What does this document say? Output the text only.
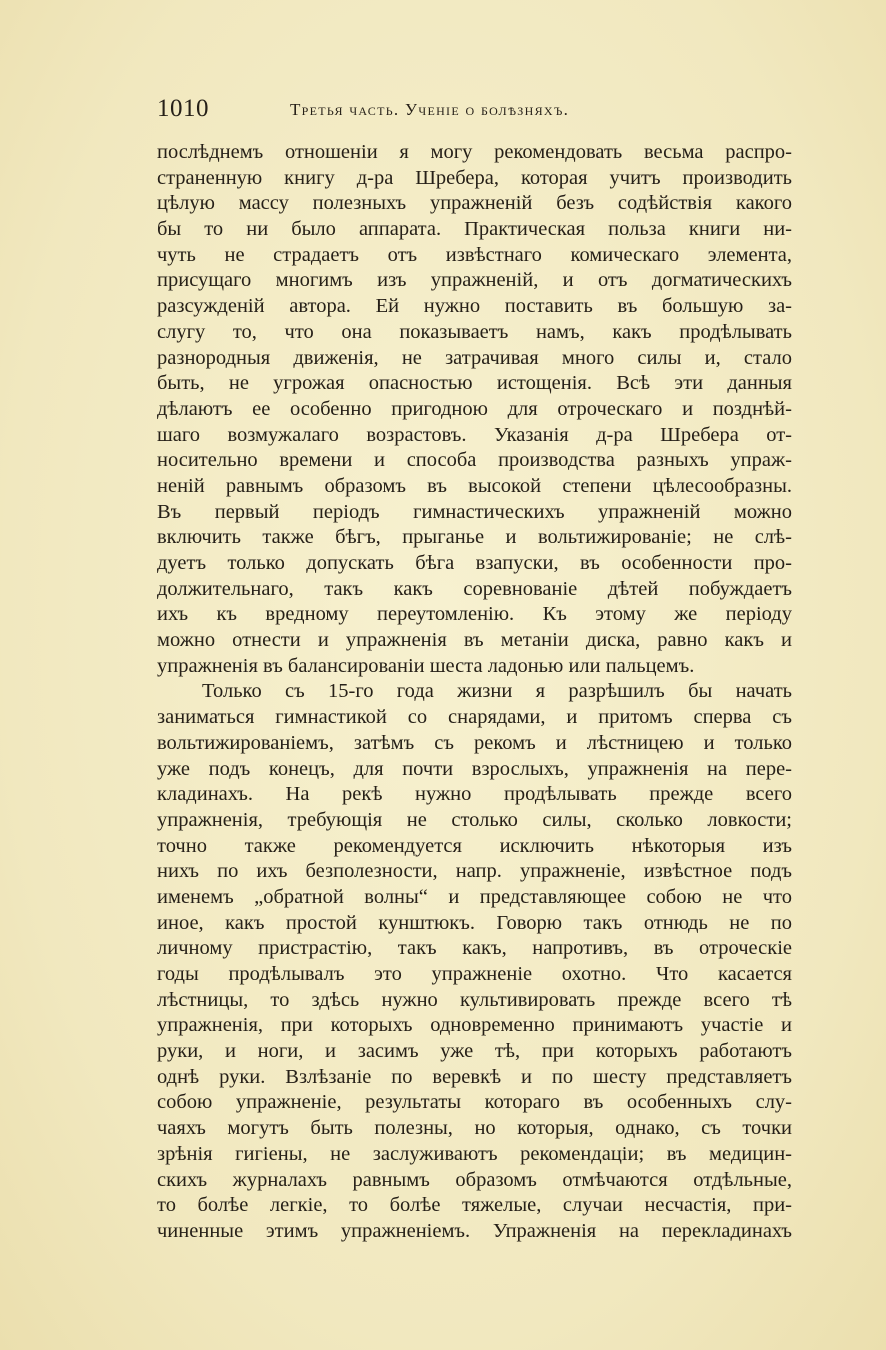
1010	Третья часть. Ученіе о болѣзняхъ.
послѣднемъ отношеніи я могу рекомендовать весьма распро-
страненную книгу д-ра Шребера, которая учитъ производить
цѣлую массу полезныхъ упражненій безъ содѣйствія какого
бы то ни было аппарата. Практическая польза книги ни-
чуть не страдаетъ отъ извѣстнаго комическаго элемента,
присущаго многимъ изъ упражненій, и отъ догматическихъ
разсужденій автора. Ей нужно поставить въ большую за-
слугу то, что она показываетъ намъ, какъ продѣлывать
разнородныя движенія, не затрачивая много силы и, стало
быть, не угрожая опасностью истощенія. Всѣ эти данныя
дѣлаютъ ее особенно пригодною для отроческаго и позднѣй-
шаго возмужалаго возрастовъ. Указанія д-ра Шребера от-
носительно времени и способа производства разныхъ упраж-
неній равнымъ образомъ въ высокой степени цѣлесообразны.
Въ первый періодъ гимнастическихъ упражненій можно
включить также бѣгъ, прыганье и вольтижированіе; не слѣ-
дуетъ только допускать бѣга взапуски, въ особенности про-
должительнаго, такъ какъ соревнованіе дѣтей побуждаетъ
ихъ къ вредному переутомленію. Къ этому же періоду
можно отнести и упражненія въ метаніи диска, равно какъ и
упражненія въ балансированіи шеста ладонью или пальцемъ.
Только съ 15-го года жизни я разрѣшилъ бы начать
заниматься гимнастикой со снарядами, и притомъ сперва съ
вольтижированіемъ, затѣмъ съ рекомъ и лѣстницею и только
уже подъ конецъ, для почти взрослыхъ, упражненія на пере-
кладинахъ. На рекѣ нужно продѣлывать прежде всего
упражненія, требующія не столько силы, сколько ловкости;
точно также рекомендуется исключить нѣкоторыя изъ
нихъ по ихъ безполезности, напр. упражненіе, извѣстное подъ
именемъ „обратной волны“ и представляющее собою не что
иное, какъ простой кунштюкъ. Говорю такъ отнюдь не по
личному пристрастію, такъ какъ, напротивъ, въ отроческіе
годы продѣлывалъ это упражненіе охотно. Что касается
лѣстницы, то здѣсь нужно культивировать прежде всего тѣ
упражненія, при которыхъ одновременно принимаютъ участіе и
руки, и ноги, и засимъ уже тѣ, при которыхъ работаютъ
однѣ руки. Взлѣзаніе по веревкѣ и по шесту представляетъ
собою упражненіе, результаты котораго въ особенныхъ слу-
чаяхъ могутъ быть полезны, но которыя, однако, съ точки
зрѣнія гигіены, не заслуживаютъ рекомендаціи; въ медицин-
скихъ журналахъ равнымъ образомъ отмѣчаются отдѣльные,
то болѣе легкіе, то болѣе тяжелые, случаи несчастія, при-
чиненные этимъ упражненіемъ. Упражненія на перекладинахъ
